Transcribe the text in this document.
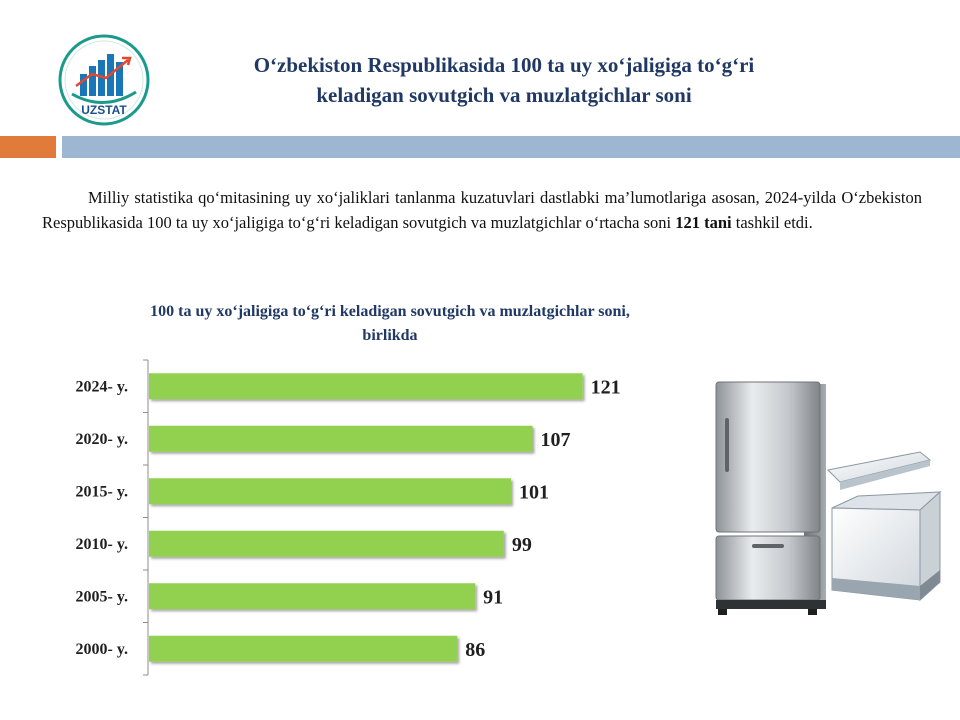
UZSTAT
O‘zbekiston Respublikasida 100 ta uy xo‘jaligiga to‘g‘ri
keladigan sovutgich va muzlatgichlar soni
Milliy statistika qo‘mitasining uy xo‘jaliklari tanlanma kuzatuvlari dastlabki ma’lumotlariga asosan, 2024-yilda O‘zbekiston Respublikasida 100 ta uy xo‘jaligiga to‘g‘ri keladigan sovutgich va muzlatgichlar o‘rtacha soni 121 tani tashkil etdi.
100 ta uy xo‘jaligiga to‘g‘ri keladigan sovutgich va muzlatgichlar soni,
birlikda
2024- y.	121
2020- y.	107
2015- y.	101
2010- y.	99
2005- y.	91
2000- y.	86
